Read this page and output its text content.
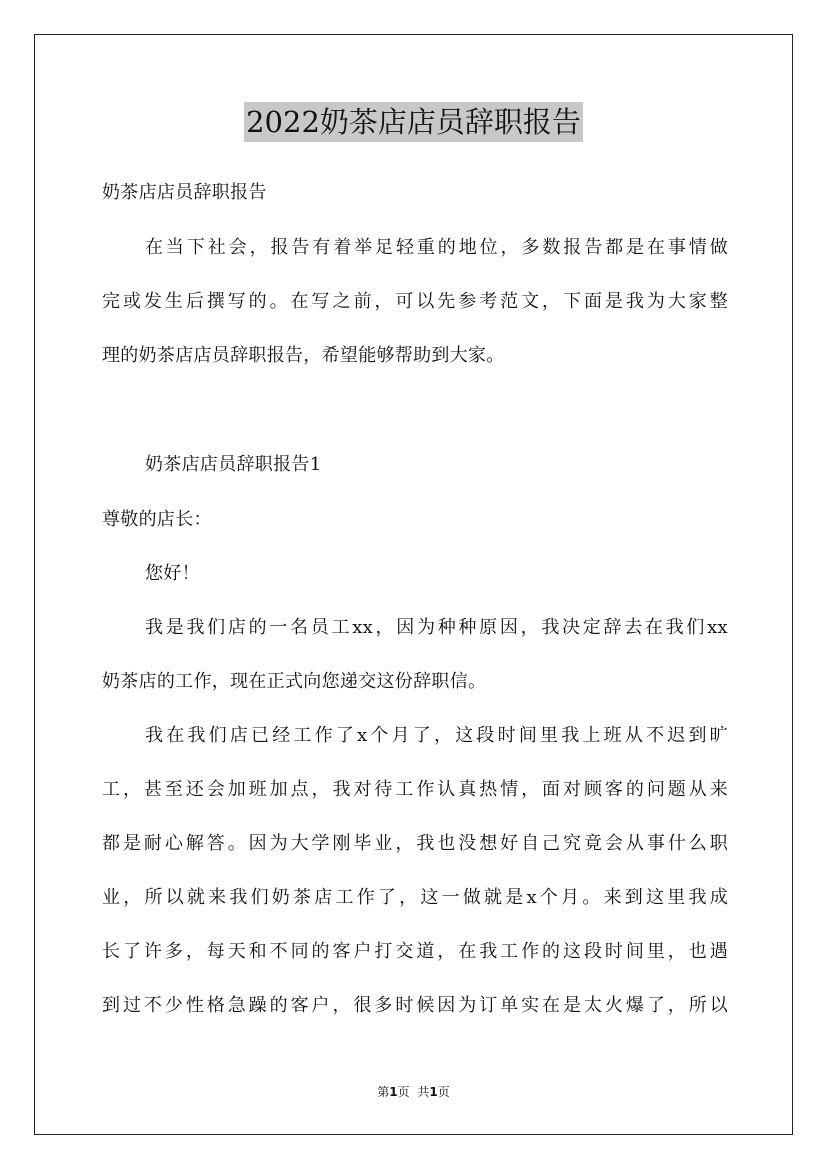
2022奶茶店店员辞职报告
奶茶店店员辞职报告
在当下社会，报告有着举足轻重的地位，多数报告都是在事情做
完或发生后撰写的。在写之前，可以先参考范文，下面是我为大家整
理的奶茶店店员辞职报告，希望能够帮助到大家。
奶茶店店员辞职报告1
尊敬的店长：
您好！
我是我们店的一名员工xx，因为种种原因，我决定辞去在我们xx
奶茶店的工作，现在正式向您递交这份辞职信。
我在我们店已经工作了x个月了，这段时间里我上班从不迟到旷
工，甚至还会加班加点，我对待工作认真热情，面对顾客的问题从来
都是耐心解答。因为大学刚毕业，我也没想好自己究竟会从事什么职
业，所以就来我们奶茶店工作了，这一做就是x个月。来到这里我成
长了许多，每天和不同的客户打交道，在我工作的这段时间里，也遇
到过不少性格急躁的客户，很多时候因为订单实在是太火爆了，所以
第1页 共1页
